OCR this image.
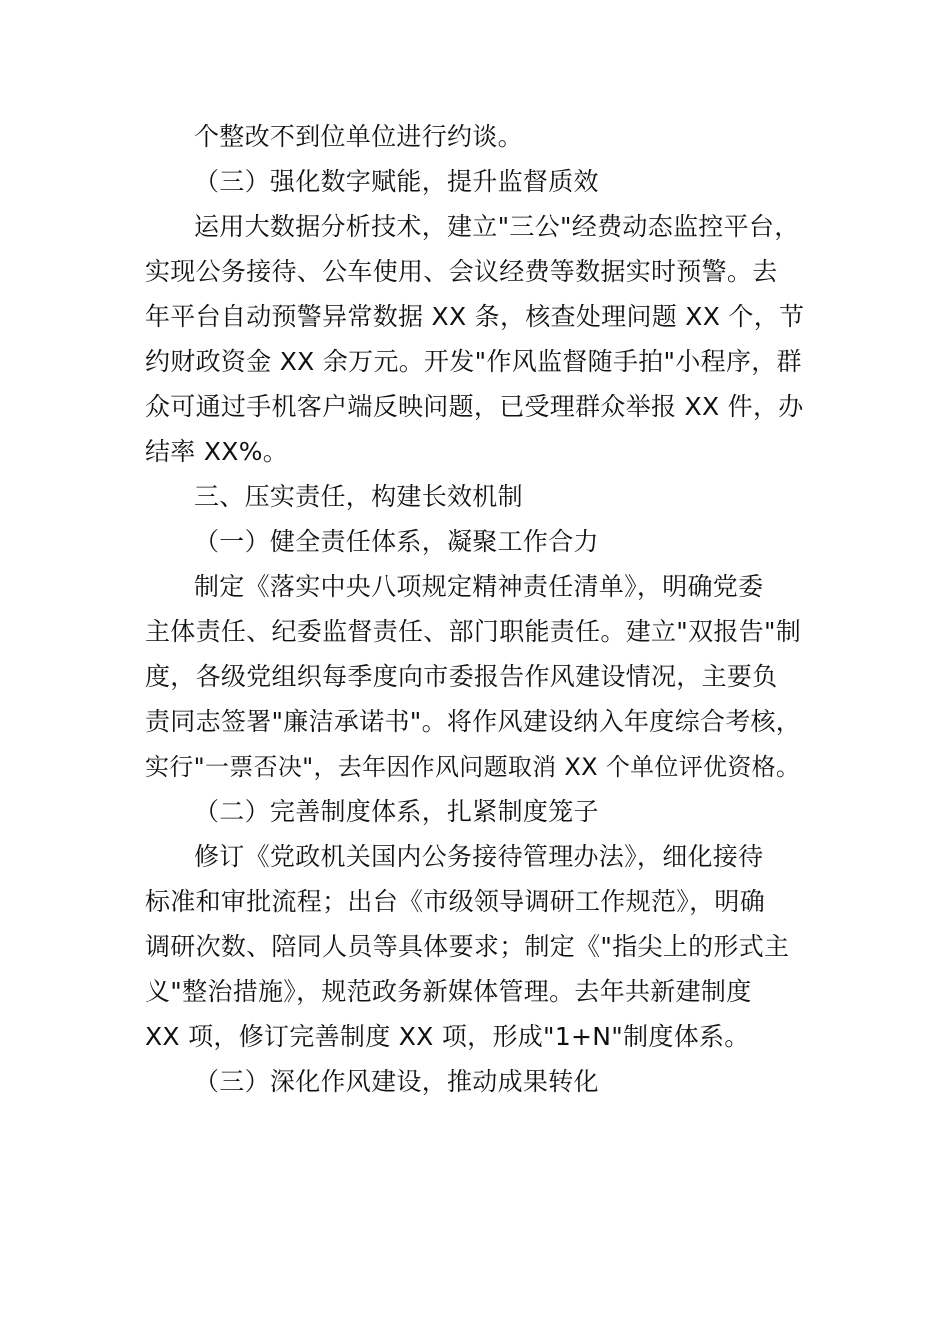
个整改不到位单位进行约谈。
（三）强化数字赋能，提升监督质效
运用大数据分析技术，建立"三公"经费动态监控平台，
实现公务接待、公车使用、会议经费等数据实时预警。去
年平台自动预警异常数据 XX 条，核查处理问题 XX 个，节
约财政资金 XX 余万元。开发"作风监督随手拍"小程序，群
众可通过手机客户端反映问题，已受理群众举报 XX 件，办
结率 XX%。
三、压实责任，构建长效机制
（一）健全责任体系，凝聚工作合力
制定《落实中央八项规定精神责任清单》，明确党委
主体责任、纪委监督责任、部门职能责任。建立"双报告"制
度，各级党组织每季度向市委报告作风建设情况，主要负
责同志签署"廉洁承诺书"。将作风建设纳入年度综合考核，
实行"一票否决"，去年因作风问题取消 XX 个单位评优资格。
（二）完善制度体系，扎紧制度笼子
修订《党政机关国内公务接待管理办法》，细化接待
标准和审批流程；出台《市级领导调研工作规范》，明确
调研次数、陪同人员等具体要求；制定《"指尖上的形式主
义"整治措施》，规范政务新媒体管理。去年共新建制度
XX 项，修订完善制度 XX 项，形成"1+N"制度体系。
（三）深化作风建设，推动成果转化
